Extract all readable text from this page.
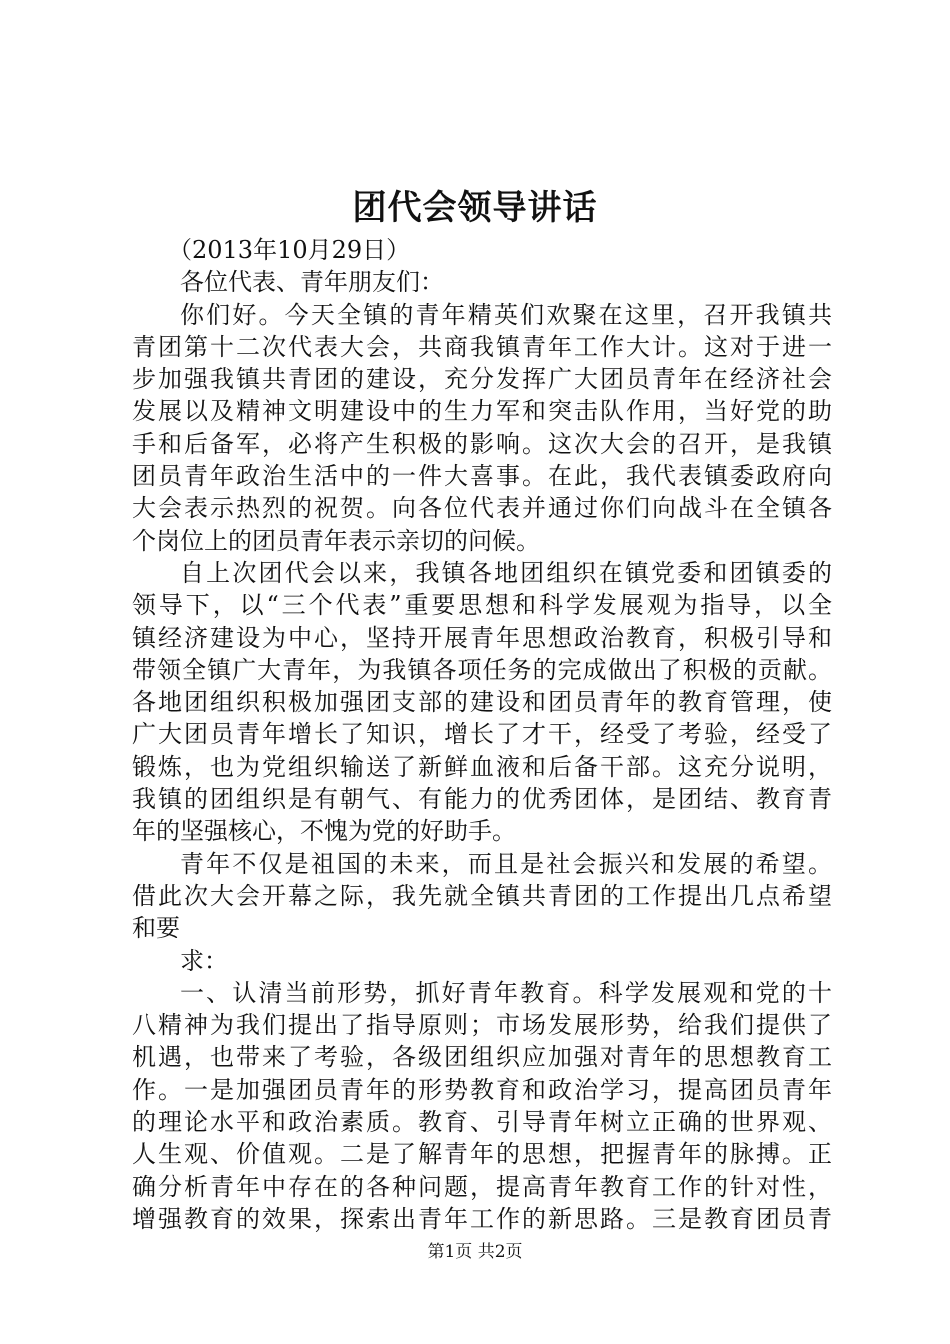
团代会领导讲话
（2013年10月29日）
各位代表、青年朋友们：
你们好。今天全镇的青年精英们欢聚在这里，召开我镇共
青团第十二次代表大会，共商我镇青年工作大计。这对于进一
步加强我镇共青团的建设，充分发挥广大团员青年在经济社会
发展以及精神文明建设中的生力军和突击队作用，当好党的助
手和后备军，必将产生积极的影响。这次大会的召开，是我镇
团员青年政治生活中的一件大喜事。在此，我代表镇委政府向
大会表示热烈的祝贺。向各位代表并通过你们向战斗在全镇各
个岗位上的团员青年表示亲切的问候。
自上次团代会以来，我镇各地团组织在镇党委和团镇委的
领导下，以“三个代表”重要思想和科学发展观为指导，以全
镇经济建设为中心，坚持开展青年思想政治教育，积极引导和
带领全镇广大青年，为我镇各项任务的完成做出了积极的贡献。
各地团组织积极加强团支部的建设和团员青年的教育管理，使
广大团员青年增长了知识，增长了才干，经受了考验，经受了
锻炼，也为党组织输送了新鲜血液和后备干部。这充分说明，
我镇的团组织是有朝气、有能力的优秀团体，是团结、教育青
年的坚强核心，不愧为党的好助手。
青年不仅是祖国的未来，而且是社会振兴和发展的希望。
借此次大会开幕之际，我先就全镇共青团的工作提出几点希望
和要
求：
一、认清当前形势，抓好青年教育。科学发展观和党的十
八精神为我们提出了指导原则；市场发展形势，给我们提供了
机遇，也带来了考验，各级团组织应加强对青年的思想教育工
作。一是加强团员青年的形势教育和政治学习，提高团员青年
的理论水平和政治素质。教育、引导青年树立正确的世界观、
人生观、价值观。二是了解青年的思想，把握青年的脉搏。正
确分析青年中存在的各种问题，提高青年教育工作的针对性，
增强教育的效果，探索出青年工作的新思路。三是教育团员青
第1页 共2页
